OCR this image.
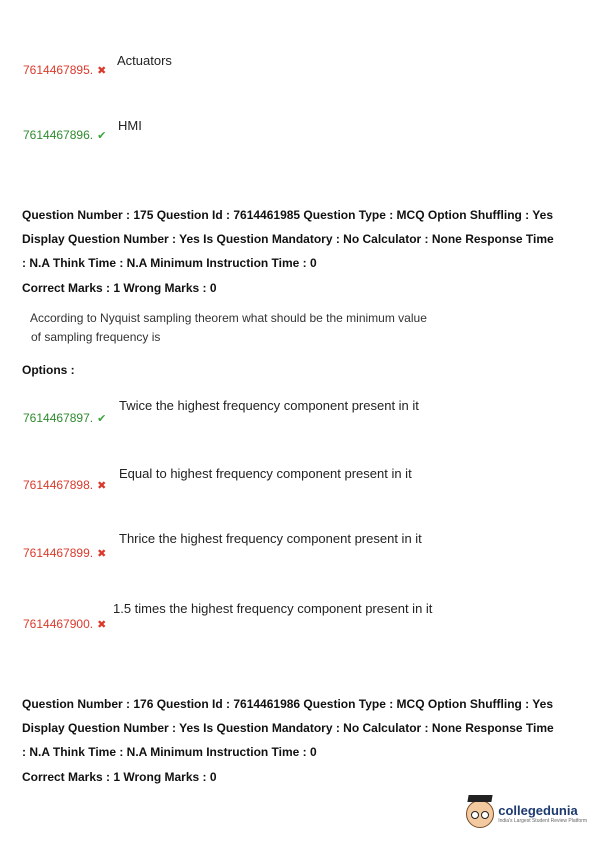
7614467895. ✖
Actuators
7614467896. ✔
HMI
Question Number : 175 Question Id : 7614461985 Question Type : MCQ Option Shuffling : Yes
Display Question Number : Yes Is Question Mandatory : No Calculator : None Response Time
: N.A Think Time : N.A Minimum Instruction Time : 0
Correct Marks : 1 Wrong Marks : 0
According to Nyquist sampling theorem what should be the minimum value
of sampling frequency is
Options :
7614467897. ✔
Twice the highest frequency component present in it
7614467898. ✖
Equal to highest frequency component present in it
7614467899. ✖
Thrice the highest frequency component present in it
7614467900. ✖
1.5 times the highest frequency component present in it
Question Number : 176 Question Id : 7614461986 Question Type : MCQ Option Shuffling : Yes
Display Question Number : Yes Is Question Mandatory : No Calculator : None Response Time
: N.A Think Time : N.A Minimum Instruction Time : 0
Correct Marks : 1 Wrong Marks : 0
collegedunia
India's Largest Student Review Platform
